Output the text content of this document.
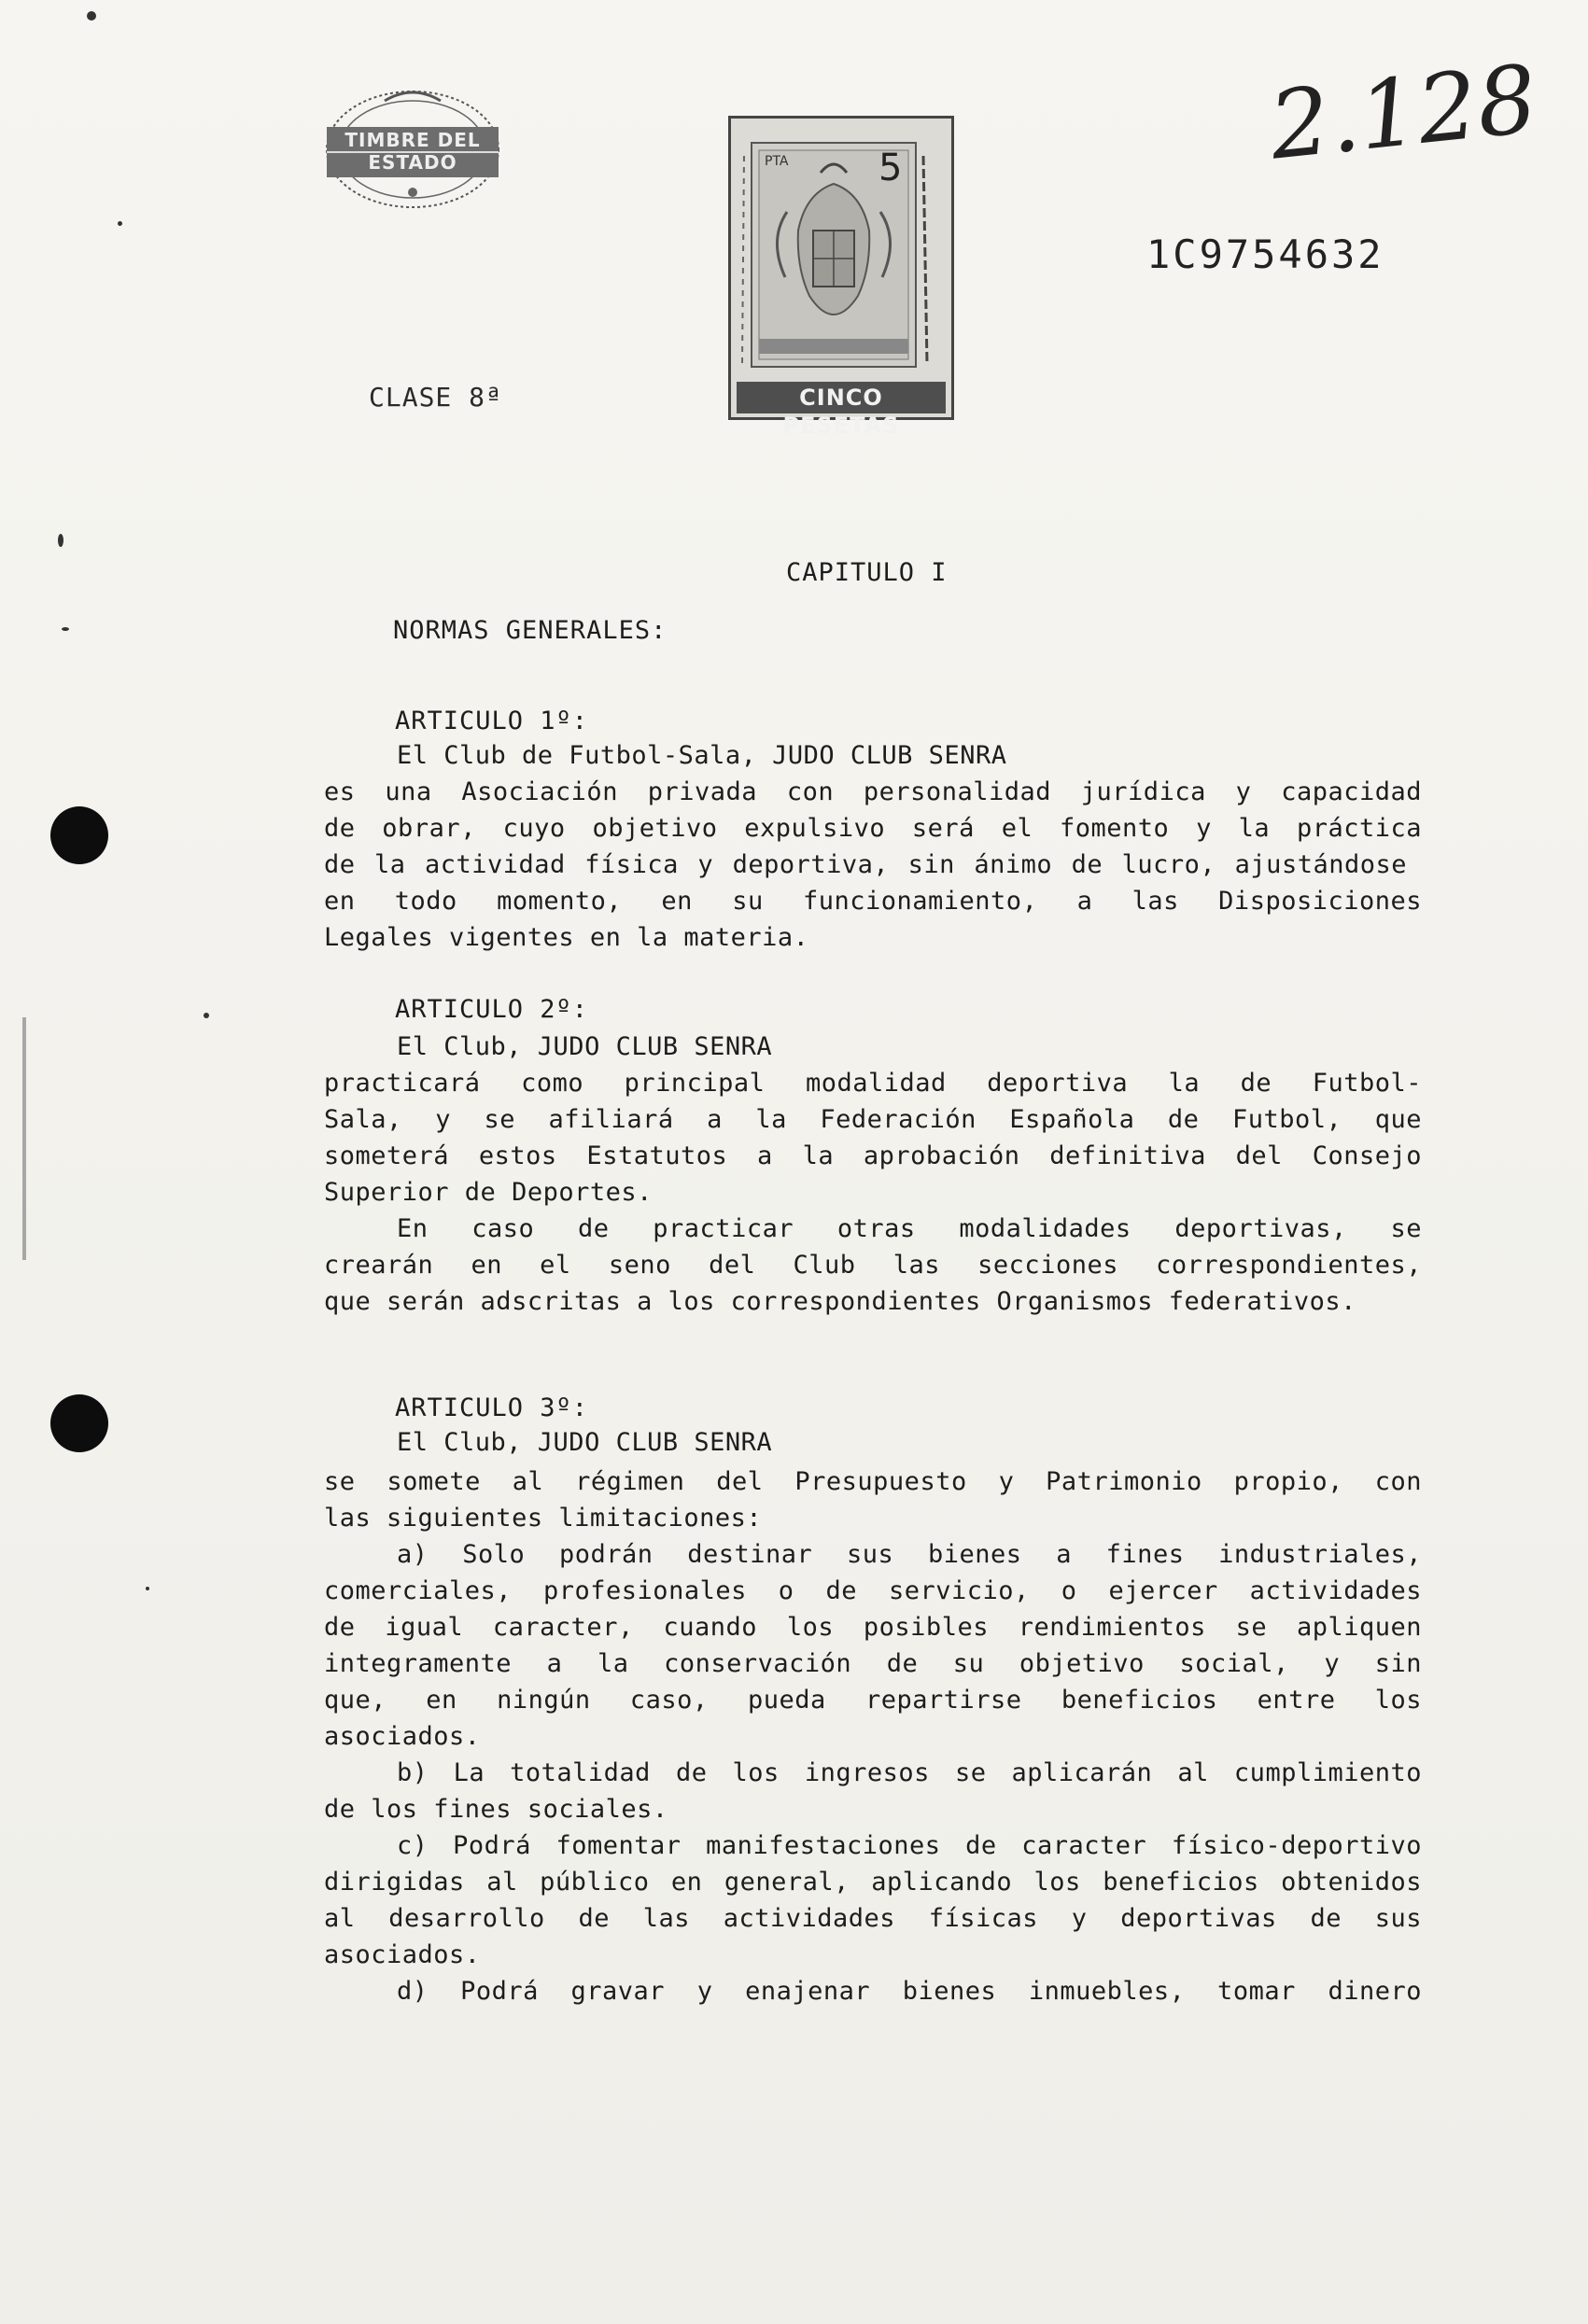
TIMBRE DEL ESTADO	PTA 5
CINCO PESETAS
2.128
1C9754632
CLASE 8ª
CAPITULO I
NORMAS GENERALES:
ARTICULO 1º:
El Club de Futbol-Sala, JUDO CLUB SENRA
es una Asociación privada con personalidad jurídica y capacidad
de obrar, cuyo objetivo expulsivo será el fomento y la práctica
de la actividad física y deportiva, sin ánimo de lucro, ajustándose
en todo momento, en su funcionamiento, a las Disposiciones
Legales vigentes en la materia.
ARTICULO 2º:
El Club, JUDO CLUB SENRA
practicará como principal modalidad deportiva la de Futbol-
Sala, y se afiliará a la Federación Española de Futbol, que
someterá estos Estatutos a la aprobación definitiva del Consejo
Superior de Deportes.
En caso de practicar otras modalidades deportivas, se
crearán en el seno del Club las secciones correspondientes,
que serán adscritas a los correspondientes Organismos federativos.
ARTICULO 3º:
El Club, JUDO CLUB SENRA
se somete al régimen del Presupuesto y Patrimonio propio, con
las siguientes limitaciones:
a) Solo podrán destinar sus bienes a fines industriales,
comerciales, profesionales o de servicio, o ejercer actividades
de igual caracter, cuando los posibles rendimientos se apliquen
integramente a la conservación de su objetivo social, y sin
que, en ningún caso, pueda repartirse beneficios entre los
asociados.
b) La totalidad de los ingresos se aplicarán al cumplimiento
de los fines sociales.
c) Podrá fomentar manifestaciones de caracter físico-deportivo
dirigidas al público en general, aplicando los beneficios obtenidos
al desarrollo de las actividades físicas y deportivas de sus
asociados.
d) Podrá gravar y enajenar bienes inmuebles, tomar dinero
